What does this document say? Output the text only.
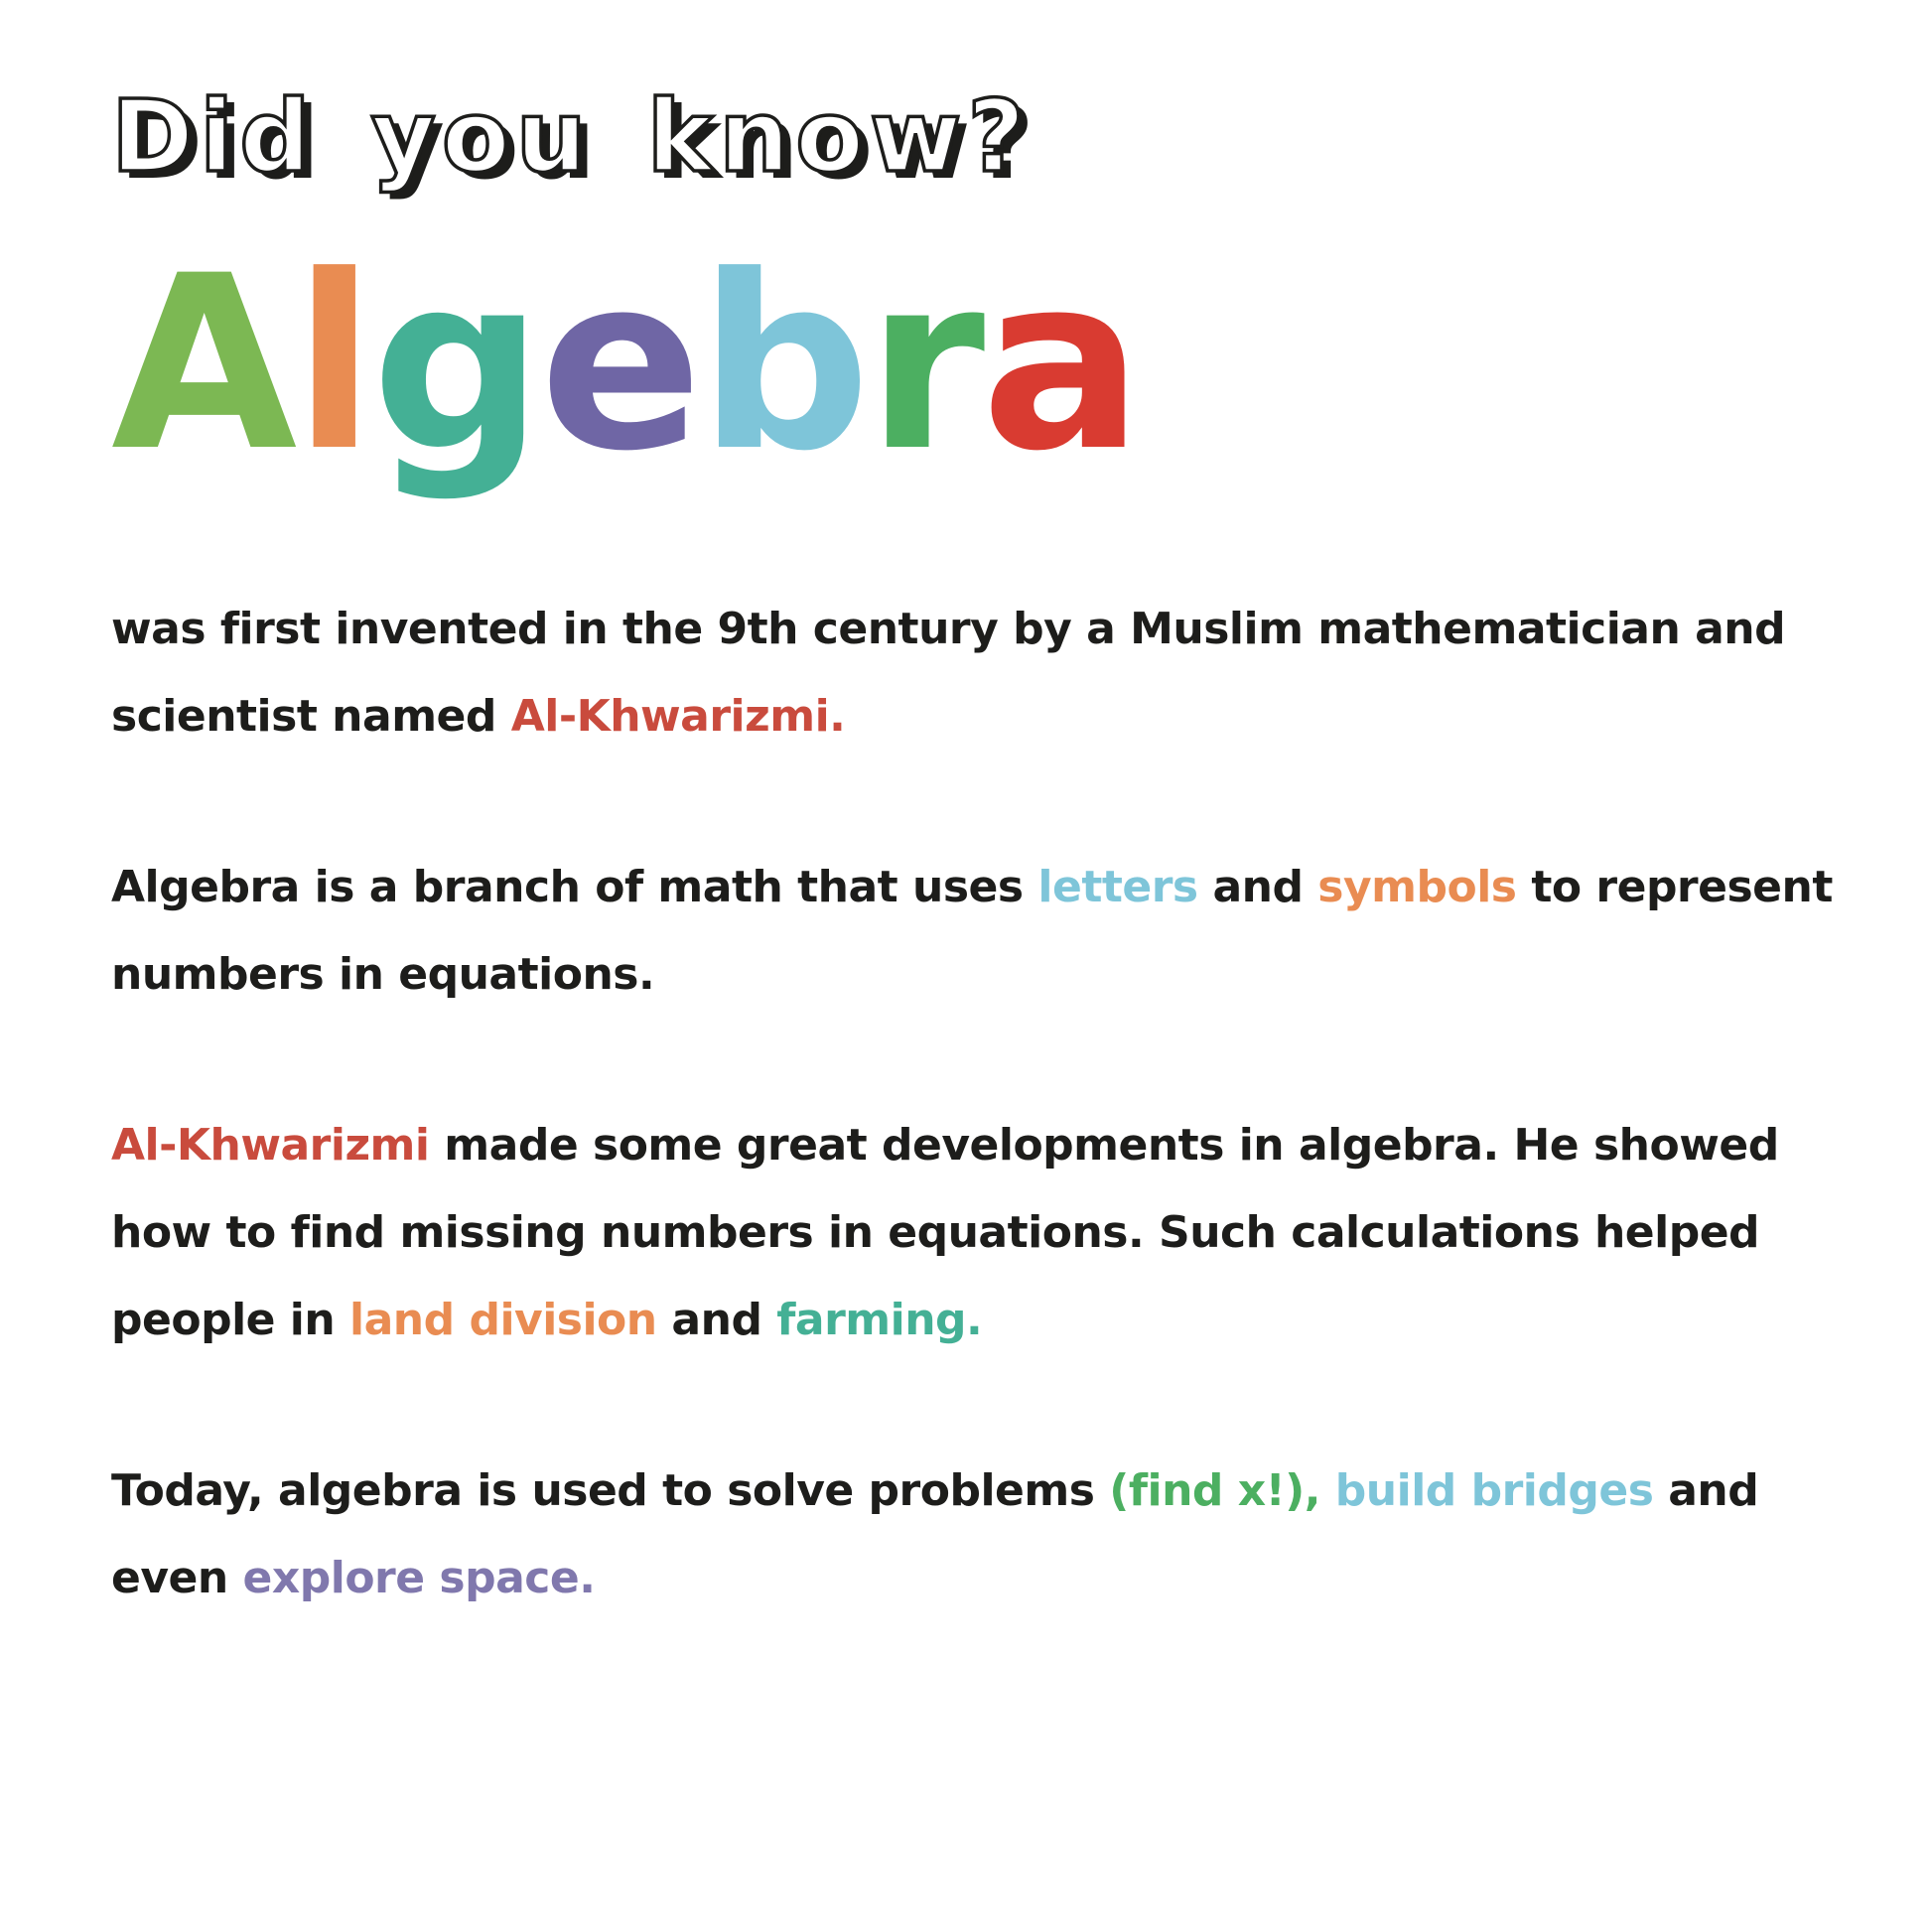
Did you know?
Algebra

was first invented in the 9th century by a Muslim mathematician and scientist named Al-Khwarizmi.

Algebra is a branch of math that uses letters and symbols to represent numbers in equations.

Al-Khwarizmi made some great developments in algebra. He showed how to find missing numbers in equations. Such calculations helped people in land division and farming.

Today, algebra is used to solve problems (find x!), build bridges and even explore space.
